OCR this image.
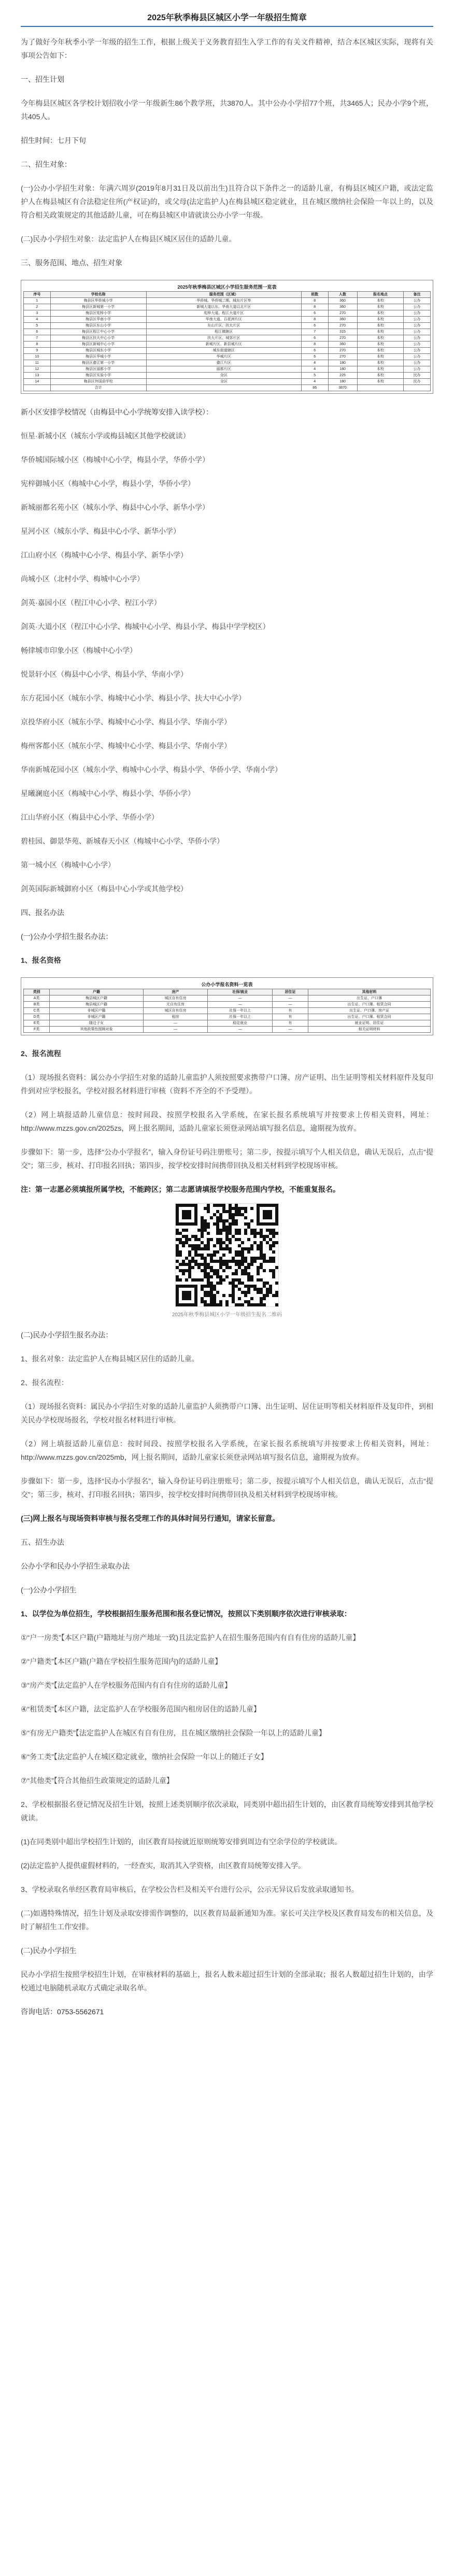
2025年秋季梅县区城区小学一年级招生简章

为了做好今年秋季小学一年级的招生工作，根据上级关于义务教育招生入学工作的有关文件精神，结合本区城区实际，现将有关事项公告如下：

一、招生计划

今年梅县区城区各学校计划招收小学一年级新生86个教学班，共3870人。其中公办小学招77个班，共3465人；民办小学9个班，共405人。

招生时间：七月下旬

二、招生对象：

(一)公办小学招生对象：年满六周岁(2019年8月31日及以前出生)且符合以下条件之一的适龄儿童，有梅县区城区户籍，或法定监护人在梅县城区有合法稳定住所(产权证)的，或父母(法定监护人)在梅县城区稳定就业，且在城区缴纳社会保险一年以上的，以及符合相关政策规定的其他适龄儿童，可在梅县城区申请就读公办小学一年级。

(二)民办小学招生对象：法定监护人在梅县区城区居住的适龄儿童。

三、服务范围、地点、招生对象

2025年秋季梅县区城区小学招生服务范围一览表
序号	学校名称	服务范围（区域）	班数	人数	报名地点	备注
1	梅县区华侨城小学	华侨城、华侨城二期、城东片区等	8	360	本校	公办
2	梅县区新城第一小学	新城大道以东、华南大道以北片区	8	360	本校	公办
3	梅县区宪梓小学	宪梓大道、程江大道片区	6	270	本校	公办
4	梅县区华南小学	华南大道、百花洲片区	8	360	本校	公办
5	梅县区东山小学	东山片区、扶大片区	6	270	本校	公办
6	梅县区程江中心小学	程江镇辖区	7	315	本校	公办
7	梅县区扶大中心小学	扶大片区、城郊片区	6	270	本校	公办
8	梅县区新城中心小学	新城片区、新县城片区	8	360	本校	公办
9	梅县区城东小学	城东街道辖区	6	270	本校	公办
10	梅县区华城小学	华城片区	6	270	本校	公办
11	梅县区畲江第一小学	畲江片区	4	180	本校	公办
12	梅县区丽都小学	丽都片区	4	180	本校	公办
13	梅县区实验小学	全区	5	225	本校	民办
14	梅县区外国语学校	全区	4	180	本校	民办
	合计		86	3870		

新小区安排学校情况（由梅县中心小学统筹安排入读学校）：

恒星·新城小区（城东小学或梅县城区其他学校就读）

华侨城国际城小区（梅城中心小学，梅县小学，华侨小学）

宪梓御城小区（梅城中心小学，梅县小学，华侨小学）

新城丽都名苑小区（城东小学、梅县中心小学、新华小学）

星河小区（城东小学、梅县中心小学、新华小学）

江山府小区（梅城中心小学、梅县小学、新华小学）

尚城小区（北村小学、梅城中心小学）

剑英·嘉园小区（程江中心小学、程江小学）

剑英·大道小区（程江中心小学、梅城中心小学、梅县小学、梅县中学学校区）

畅律城市印象小区（梅城中心小学）

悦景轩小区（梅县中心小学、梅县小学、华南小学）

东方花园小区（城东小学、梅城中心小学、梅县小学、扶大中心小学）

京投华府小区（城东小学、梅城中心小学、梅县小学、华南小学）

梅州客都小区（城东小学、梅城中心小学、梅县小学、华南小学）

华南新城花园小区（城东小学、梅城中心小学、梅县小学、华侨小学、华南小学）

星曦澜庭小区（梅城中心小学、梅县小学、华侨小学）

江山华府小区（梅县中心小学、华侨小学）

碧桂园、御景华苑、新城春天小区（梅城中心小学、华侨小学）

第一城小区（梅城中心小学）

剑英国际新城御府小区（梅县中心小学或其他学校）

四、报名办法

(一)公办小学招生报名办法：

1、报名资格

公办小学报名资料一览表
类别	户籍	房产	社保/就业	居住证	其他材料
A类	梅县城区户籍	城区自有住房	—	—	出生证、户口簿
B类	梅县城区户籍	无自有住房	—	—	出生证、户口簿、租赁合同
C类	非城区户籍	城区自有住房	社保一年以上	有	出生证、户口簿、房产证
D类	非城区户籍	租房	社保一年以上	有	出生证、户口簿、租赁合同
E类	随迁子女	—	稳定就业	有	就业证明、居住证
F类	其他政策性照顾对象	—	—	—	相关证明材料

2、报名流程

（1）现场报名资料：属公办小学招生对象的适龄儿童监护人须按照要求携带户口簿、房产证明、出生证明等相关材料原件及复印件到对应学校报名，学校对报名材料进行审核（资料不齐全的不予受理）。

（2）网上填报适龄儿童信息：按时间段、按照学校报名入学系统，在家长报名系统填写并按要求上传相关资料，网址：http://www.mzzs.gov.cn/2025zs，网上报名期间，适龄儿童家长须登录网站填写报名信息，逾期视为放弃。

步骤如下：第一步，选择“公办小学报名”，输入身份证号码注册账号；第二步，按提示填写个人相关信息，确认无误后，点击“提交”；第三步，核对、打印报名回执；第四步，按学校安排时间携带回执及相关材料到学校现场审核。

注：第一志愿必须填报所属学校，不能跨区；第二志愿请填报学校服务范围内学校，不能重复报名。

2025年秋季梅县城区小学一年级招生报名二维码

(二)民办小学招生报名办法：

1、报名对象：法定监护人在梅县城区居住的适龄儿童。

2、报名流程：

（1）现场报名资料：属民办小学招生对象的适龄儿童监护人须携带户口簿、出生证明、居住证明等相关材料原件及复印件，到相关民办学校现场报名，学校对报名材料进行审核。

（2）网上填报适龄儿童信息：按时间段、按照学校报名入学系统，在家长报名系统填写并按要求上传相关资料，网址：http://www.mzzs.gov.cn/2025mb，网上报名期间，适龄儿童家长须登录网站填写报名信息，逾期视为放弃。

步骤如下：第一步，选择“民办小学报名”，输入身份证号码注册账号；第二步，按提示填写个人相关信息，确认无误后，点击“提交”；第三步，核对、打印报名回执；第四步，按学校安排时间携带回执及相关材料到学校现场审核。

(三)网上报名与现场资料审核与报名受理工作的具体时间另行通知，请家长留意。

五、招生办法

公办小学和民办小学招生录取办法

(一)公办小学招生

1、以学位为单位招生，学校根据招生服务范围和报名登记情况，按照以下类别顺序依次进行审核录取：

①“户一房类”【本区户籍(户籍地址与房产地址一致)且法定监护人在招生服务范围内有自有住房的适龄儿童】

②“户籍类”【本区户籍(户籍在学校招生服务范围内)的适龄儿童】

③“房产类”【法定监护人在学校服务范围内有自有住房的适龄儿童】

④“租赁类”【本区户籍，法定监护人在学校服务范围内租房居住的适龄儿童】

⑤“有房无户籍类”【法定监护人在城区有自有住房，且在城区缴纳社会保险一年以上的适龄儿童】

⑥“务工类”【法定监护人在城区稳定就业，缴纳社会保险一年以上的随迁子女】

⑦“其他类”【符合其他招生政策规定的适龄儿童】

2、学校根据报名登记情况及招生计划，按照上述类别顺序依次录取，同类别中超出招生计划的，由区教育局统筹安排到其他学校就读。

(1)在同类别中超出学校招生计划的，由区教育局按就近原则统筹安排到周边有空余学位的学校就读。

(2)法定监护人提供虚假材料的，一经查实，取消其入学资格，由区教育局统筹安排入学。

3、学校录取名单经区教育局审核后，在学校公告栏及相关平台进行公示，公示无异议后发放录取通知书。

(二)如遇特殊情况，招生计划及录取安排需作调整的，以区教育局最新通知为准。家长可关注学校及区教育局发布的相关信息，及时了解招生工作安排。

(二)民办小学招生

民办小学招生按照学校招生计划，在审核材料的基础上，报名人数未超过招生计划的全部录取；报名人数超过招生计划的，由学校通过电脑随机录取方式确定录取名单。

咨询电话：0753-5562671
